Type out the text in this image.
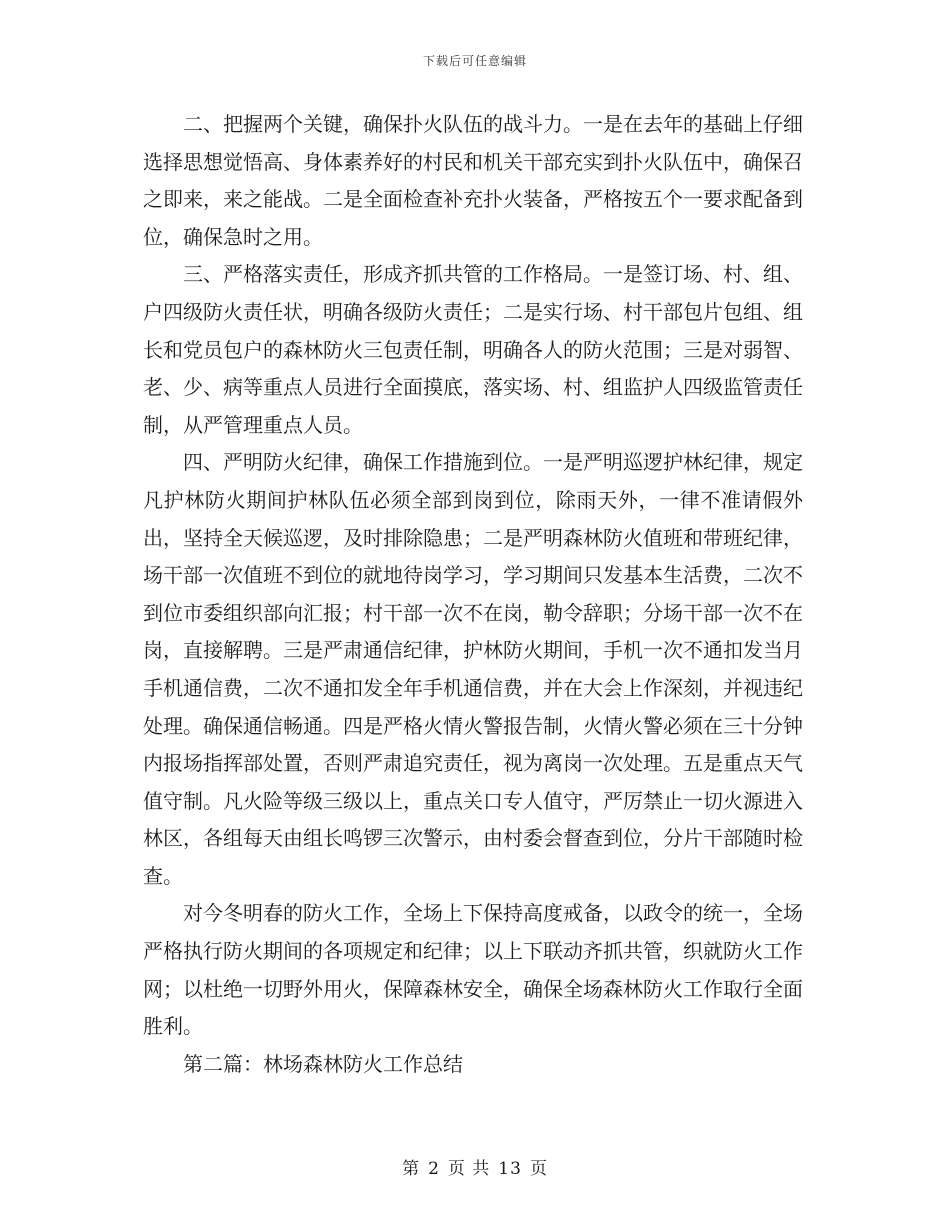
下载后可任意编辑

二、把握两个关键，确保扑火队伍的战斗力。一是在去年的基础上仔细选择思想觉悟高、身体素养好的村民和机关干部充实到扑火队伍中，确保召之即来，来之能战。二是全面检查补充扑火装备，严格按五个一要求配备到位，确保急时之用。

三、严格落实责任，形成齐抓共管的工作格局。一是签订场、村、组、户四级防火责任状，明确各级防火责任；二是实行场、村干部包片包组、组长和党员包户的森林防火三包责任制，明确各人的防火范围；三是对弱智、老、少、病等重点人员进行全面摸底，落实场、村、组监护人四级监管责任制，从严管理重点人员。

四、严明防火纪律，确保工作措施到位。一是严明巡逻护林纪律，规定凡护林防火期间护林队伍必须全部到岗到位，除雨天外，一律不准请假外出，坚持全天候巡逻，及时排除隐患；二是严明森林防火值班和带班纪律，场干部一次值班不到位的就地待岗学习，学习期间只发基本生活费，二次不到位市委组织部向汇报；村干部一次不在岗，勒令辞职；分场干部一次不在岗，直接解聘。三是严肃通信纪律，护林防火期间，手机一次不通扣发当月手机通信费，二次不通扣发全年手机通信费，并在大会上作深刻，并视违纪处理。确保通信畅通。四是严格火情火警报告制，火情火警必须在三十分钟内报场指挥部处置，否则严肃追究责任，视为离岗一次处理。五是重点天气值守制。凡火险等级三级以上，重点关口专人值守，严厉禁止一切火源进入林区，各组每天由组长鸣锣三次警示，由村委会督查到位，分片干部随时检查。

对今冬明春的防火工作，全场上下保持高度戒备，以政令的统一，全场严格执行防火期间的各项规定和纪律；以上下联动齐抓共管，织就防火工作网；以杜绝一切野外用火，保障森林安全，确保全场森林防火工作取行全面胜利。

第二篇：林场森林防火工作总结

第 2 页 共 13 页
